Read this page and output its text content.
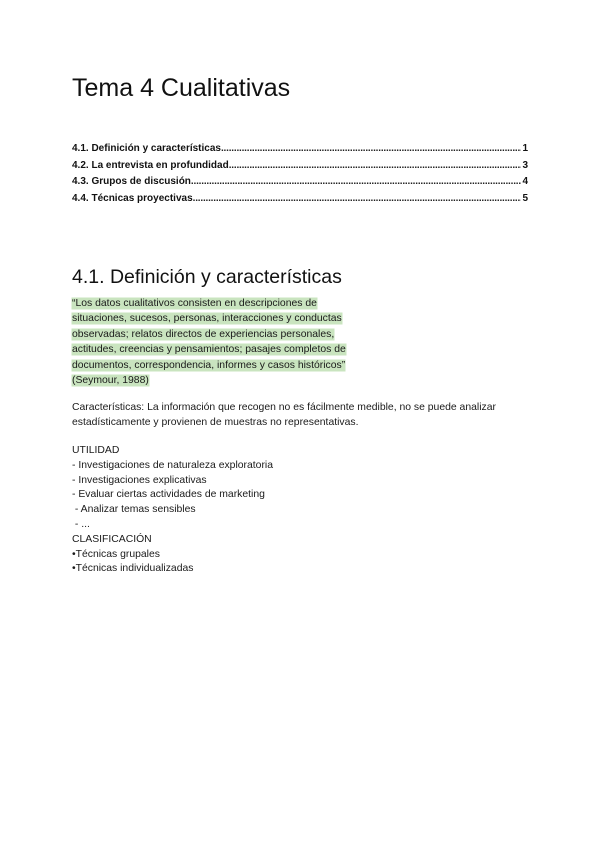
Tema 4 Cualitativas
4.1. Definición y características .....	1
4.2. La entrevista en profundidad .....	3
4.3. Grupos de discusión .....	4
4.4. Técnicas proyectivas .....	5
4.1. Definición y características
“Los datos cualitativos consisten en descripciones de
situaciones, sucesos, personas, interacciones y conductas
observadas; relatos directos de experiencias personales,
actitudes, creencias y pensamientos; pasajes completos de
documentos, correspondencia, informes y casos históricos”
(Seymour, 1988)

Características: La información que recogen no es fácilmente medible, no se puede analizar estadísticamente y provienen de muestras no representativas.

UTILIDAD
- Investigaciones de naturaleza exploratoria
- Investigaciones explicativas
- Evaluar ciertas actividades de marketing
- Analizar temas sensibles
- ...
CLASIFICACIÓN
•Técnicas grupales
•Técnicas individualizadas
